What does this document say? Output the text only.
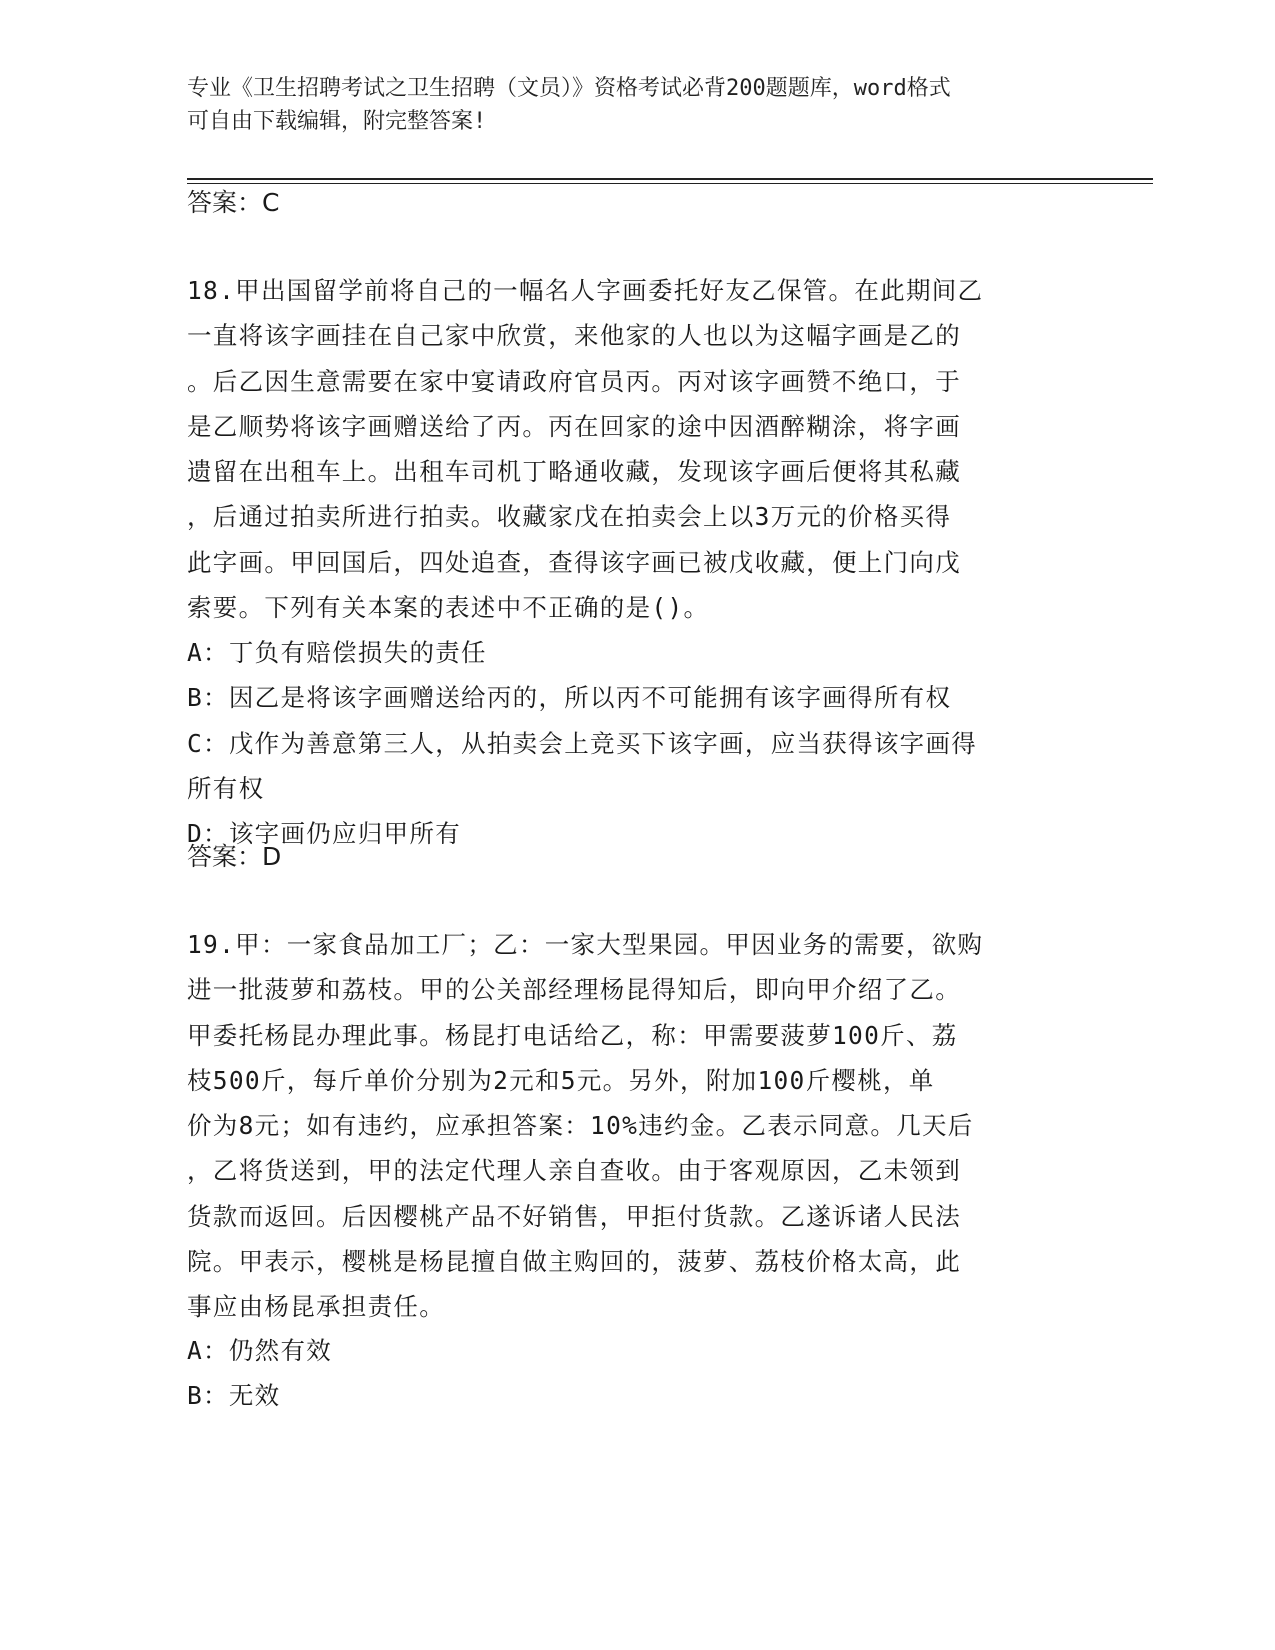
专业《卫生招聘考试之卫生招聘（文员）》资格考试必背200题题库，word格式
可自由下载编辑，附完整答案!
答案：C
18.甲出国留学前将自己的一幅名人字画委托好友乙保管。在此期间乙
一直将该字画挂在自己家中欣赏，来他家的人也以为这幅字画是乙的
。后乙因生意需要在家中宴请政府官员丙。丙对该字画赞不绝口，于
是乙顺势将该字画赠送给了丙。丙在回家的途中因酒醉糊涂，将字画
遗留在出租车上。出租车司机丁略通收藏，发现该字画后便将其私藏
，后通过拍卖所进行拍卖。收藏家戊在拍卖会上以3万元的价格买得
此字画。甲回国后，四处追查，查得该字画已被戊收藏，便上门向戊
索要。下列有关本案的表述中不正确的是()。
A：丁负有赔偿损失的责任
B：因乙是将该字画赠送给丙的，所以丙不可能拥有该字画得所有权
C：戊作为善意第三人，从拍卖会上竞买下该字画，应当获得该字画得
所有权
D：该字画仍应归甲所有
答案：D
19.甲：一家食品加工厂；乙：一家大型果园。甲因业务的需要，欲购
进一批菠萝和荔枝。甲的公关部经理杨昆得知后，即向甲介绍了乙。
甲委托杨昆办理此事。杨昆打电话给乙，称：甲需要菠萝100斤、荔
枝500斤，每斤单价分别为2元和5元。另外，附加100斤樱桃，单
价为8元；如有违约，应承担答案：10%违约金。乙表示同意。几天后
，乙将货送到，甲的法定代理人亲自查收。由于客观原因，乙未领到
货款而返回。后因樱桃产品不好销售，甲拒付货款。乙遂诉诸人民法
院。甲表示，樱桃是杨昆擅自做主购回的，菠萝、荔枝价格太高，此
事应由杨昆承担责任。
A：仍然有效
B：无效
